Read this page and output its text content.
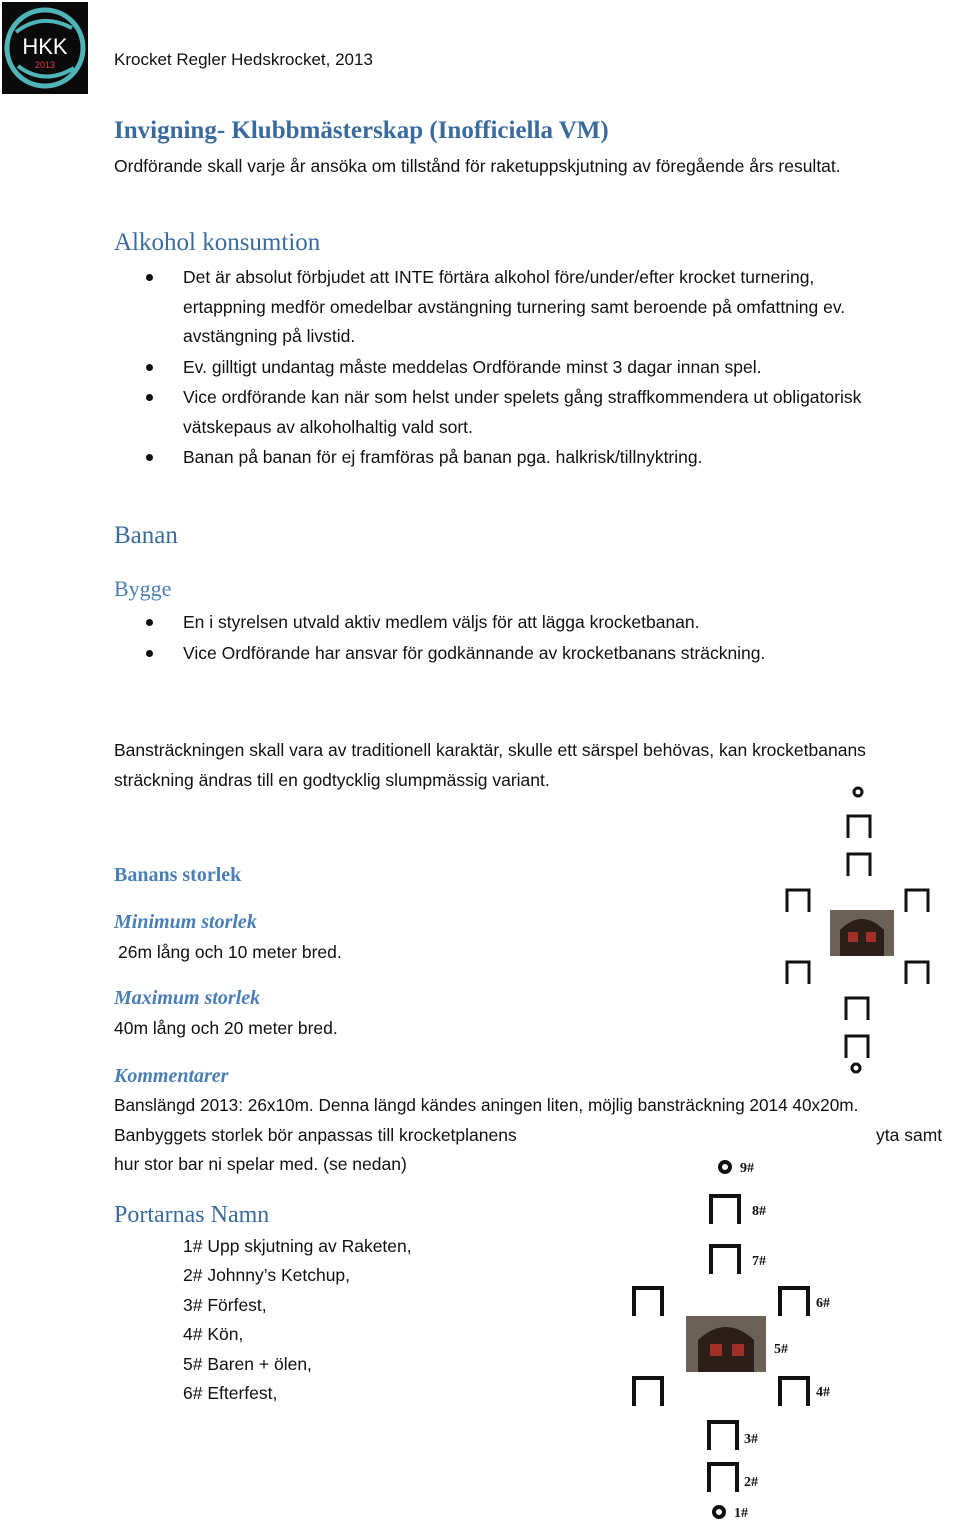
HKK
2013	Krocket Regler Hedskrocket, 2013
Invigning- Klubbmästerskap (Inofficiella VM)
Ordförande skall varje år ansöka om tillstånd för raketuppskjutning av föregående års resultat.
Alkohol konsumtion
Det är absolut förbjudet att INTE förtära alkohol före/under/efter krocket turnering,
ertappning medför omedelbar avstängning turnering samt beroende på omfattning ev.
avstängning på livstid.
Ev. gilltigt undantag måste meddelas Ordförande minst 3 dagar innan spel.
Vice ordförande kan när som helst under spelets gång straffkommendera ut obligatorisk
vätskepaus av alkoholhaltig vald sort.
Banan på banan för ej framföras på banan pga. halkrisk/tillnyktring.
Banan
Bygge
En i styrelsen utvald aktiv medlem väljs för att lägga krocketbanan.
Vice Ordförande har ansvar för godkännande av krocketbanans sträckning.
Bansträckningen skall vara av traditionell karaktär, skulle ett särspel behövas, kan krocketbanans
sträckning ändras till en godtycklig slumpmässig variant.
Banans storlek
Minimum storlek
26m lång och 10 meter bred.
Maximum storlek
40m lång och 20 meter bred.
Kommentarer
Banslängd 2013: 26x10m. Denna längd kändes aningen liten, möjlig bansträckning 2014 40x20m.
Banbyggets storlek bör anpassas till krocketplanens	yta samt
hur stor bar ni spelar med. (se nedan)
Portarnas Namn
1# Upp skjutning av Raketen,
2# Johnny’s Ketchup,
3# Förfest,
4# Kön,
5# Baren + ölen,
6# Efterfest,
9#
8#
7#
6#
5#
4#
3#
2#
1#
